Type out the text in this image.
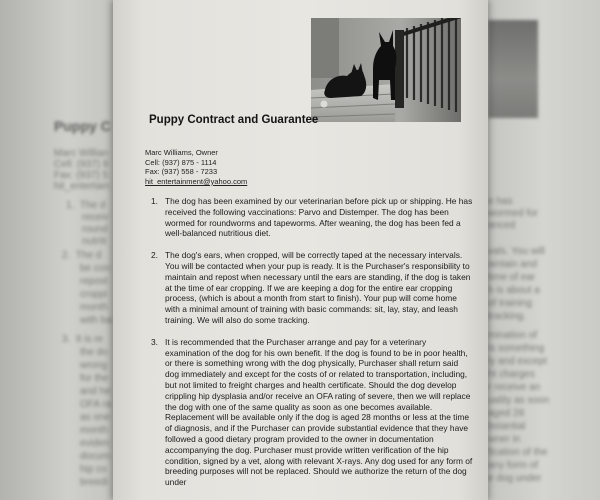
Puppy C
Marc Willian
Cell: (937) 8
Fax: (937) 5
hit_entertain
1.  The d
receiv
round
nutriti
2.  The d
be con
repost
croppi
month
with ba
3.  It is re
the do
wrong
for the
and he
OFA ra
as one
month
eviden
docum
hip co
breedi
e has
wormed for
anced
vals. You will
aintain and
time of ear
h is about a
of training
tracking.
mination of
is something
ly and except
ht charges
r receive an
uality as soon
aged 28
bstantial
wner in
fication of the
any form of
e dog under
Puppy Contract and Guarantee
Marc Williams, Owner
Cell: (937) 875 - 1114
Fax: (937) 558 - 7233
hit_entertainment@yahoo.com
1. The dog has been examined by our veterinarian before pick up or shipping. He has received the following vaccinations: Parvo and Distemper. The dog has been wormed for roundworms and tapeworms. After weaning, the dog has been fed a well-balanced nutritious diet.
2. The dog's ears, when cropped, will be correctly taped at the necessary intervals. You will be contacted when your pup is ready. It is the Purchaser's responsibility to maintain and repost when necessary until the ears are standing, if the dog is taken at the time of ear cropping. If we are keeping a dog for the entire ear cropping process, (which is about a month from start to finish). Your pup will come home with a minimal amount of training with basic commands: sit, lay, stay, and leash training. We will also do some tracking.
3. It is recommended that the Purchaser arrange and pay for a veterinary examination of the dog for his own benefit. If the dog is found to be in poor health, or there is something wrong with the dog physically, Purchaser shall return said dog immediately and except for the costs of or related to transportation, including, but not limited to freight charges and health certificate. Should the dog develop crippling hip dysplasia and/or receive an OFA rating of severe, then we will replace the dog with one of the same quality as soon as one becomes available. Replacement will be available only if the dog is aged 28 months or less at the time of diagnosis, and if the Purchaser can provide substantial evidence that they have followed a good dietary program provided to the owner in documentation accompanying the dog. Purchaser must provide written verification of the hip condition, signed by a vet, along with relevant X-rays. Any dog used for any form of breeding purposes will not be replaced. Should we authorize the return of the dog under
